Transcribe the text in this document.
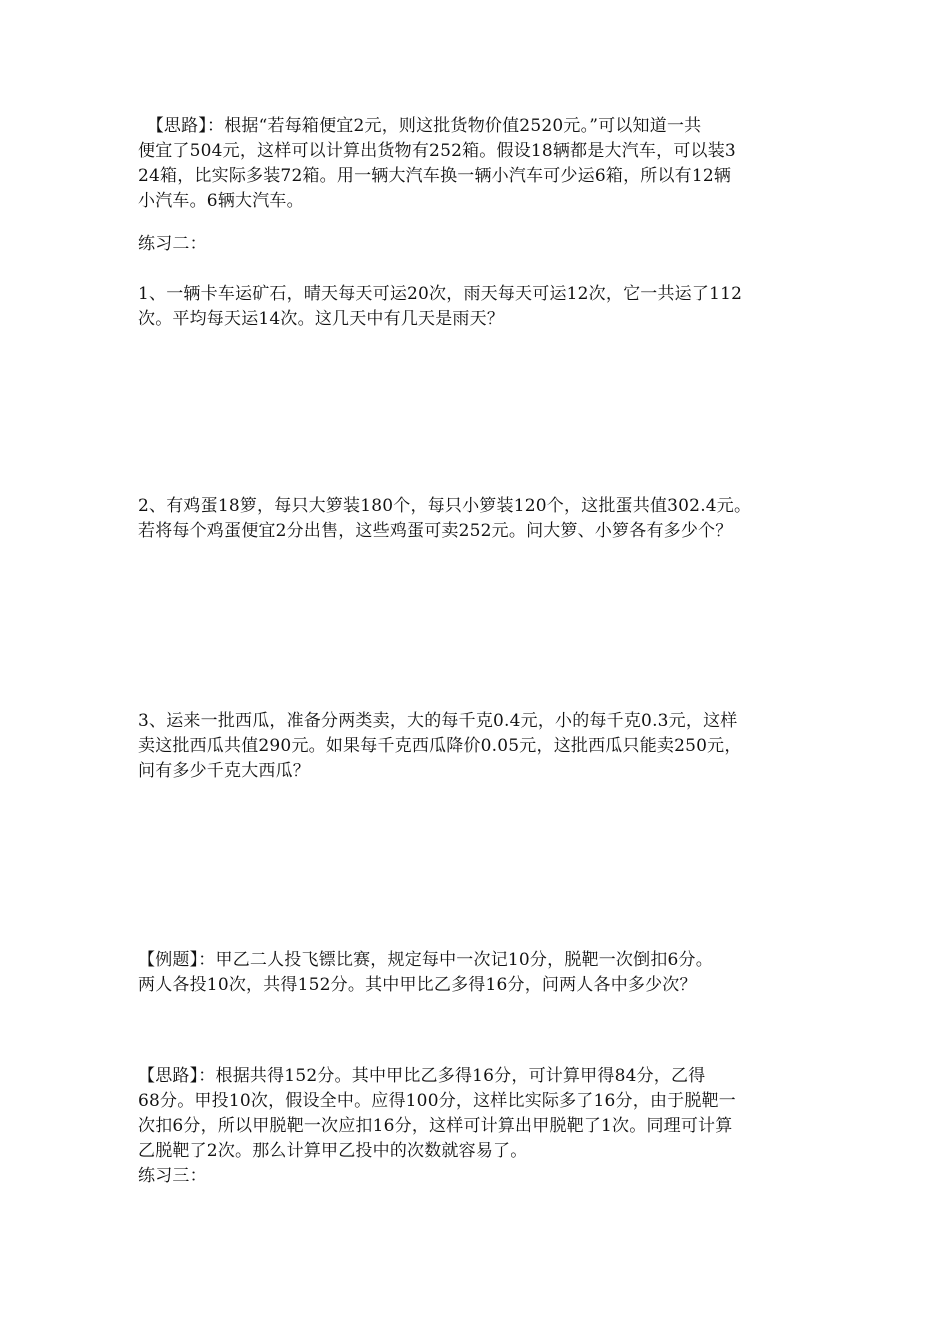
　【思路】：根据“若每箱便宜2元，则这批货物价值2520元。”可以知道一共
便宜了504元，这样可以计算出货物有252箱。假设18辆都是大汽车，可以装3
24箱，比实际多装72箱。用一辆大汽车换一辆小汽车可少运6箱，所以有12辆
小汽车。6辆大汽车。
练习二：
1、一辆卡车运矿石，晴天每天可运20次，雨天每天可运12次，它一共运了112
次。平均每天运14次。这几天中有几天是雨天？
2、有鸡蛋18箩，每只大箩装180个，每只小箩装120个，这批蛋共值302.4元。
若将每个鸡蛋便宜2分出售，这些鸡蛋可卖252元。问大箩、小箩各有多少个？
3、运来一批西瓜，准备分两类卖，大的每千克0.4元，小的每千克0.3元，这样
卖这批西瓜共值290元。如果每千克西瓜降价0.05元，这批西瓜只能卖250元，
问有多少千克大西瓜？
【例题】：甲乙二人投飞镖比赛，规定每中一次记10分，脱靶一次倒扣6分。
两人各投10次，共得152分。其中甲比乙多得16分，问两人各中多少次？
【思路】：根据共得152分。其中甲比乙多得16分，可计算甲得84分，乙得
68分。甲投10次，假设全中。应得100分，这样比实际多了16分，由于脱靶一
次扣6分，所以甲脱靶一次应扣16分，这样可计算出甲脱靶了1次。同理可计算
乙脱靶了2次。那么计算甲乙投中的次数就容易了。
练习三：
